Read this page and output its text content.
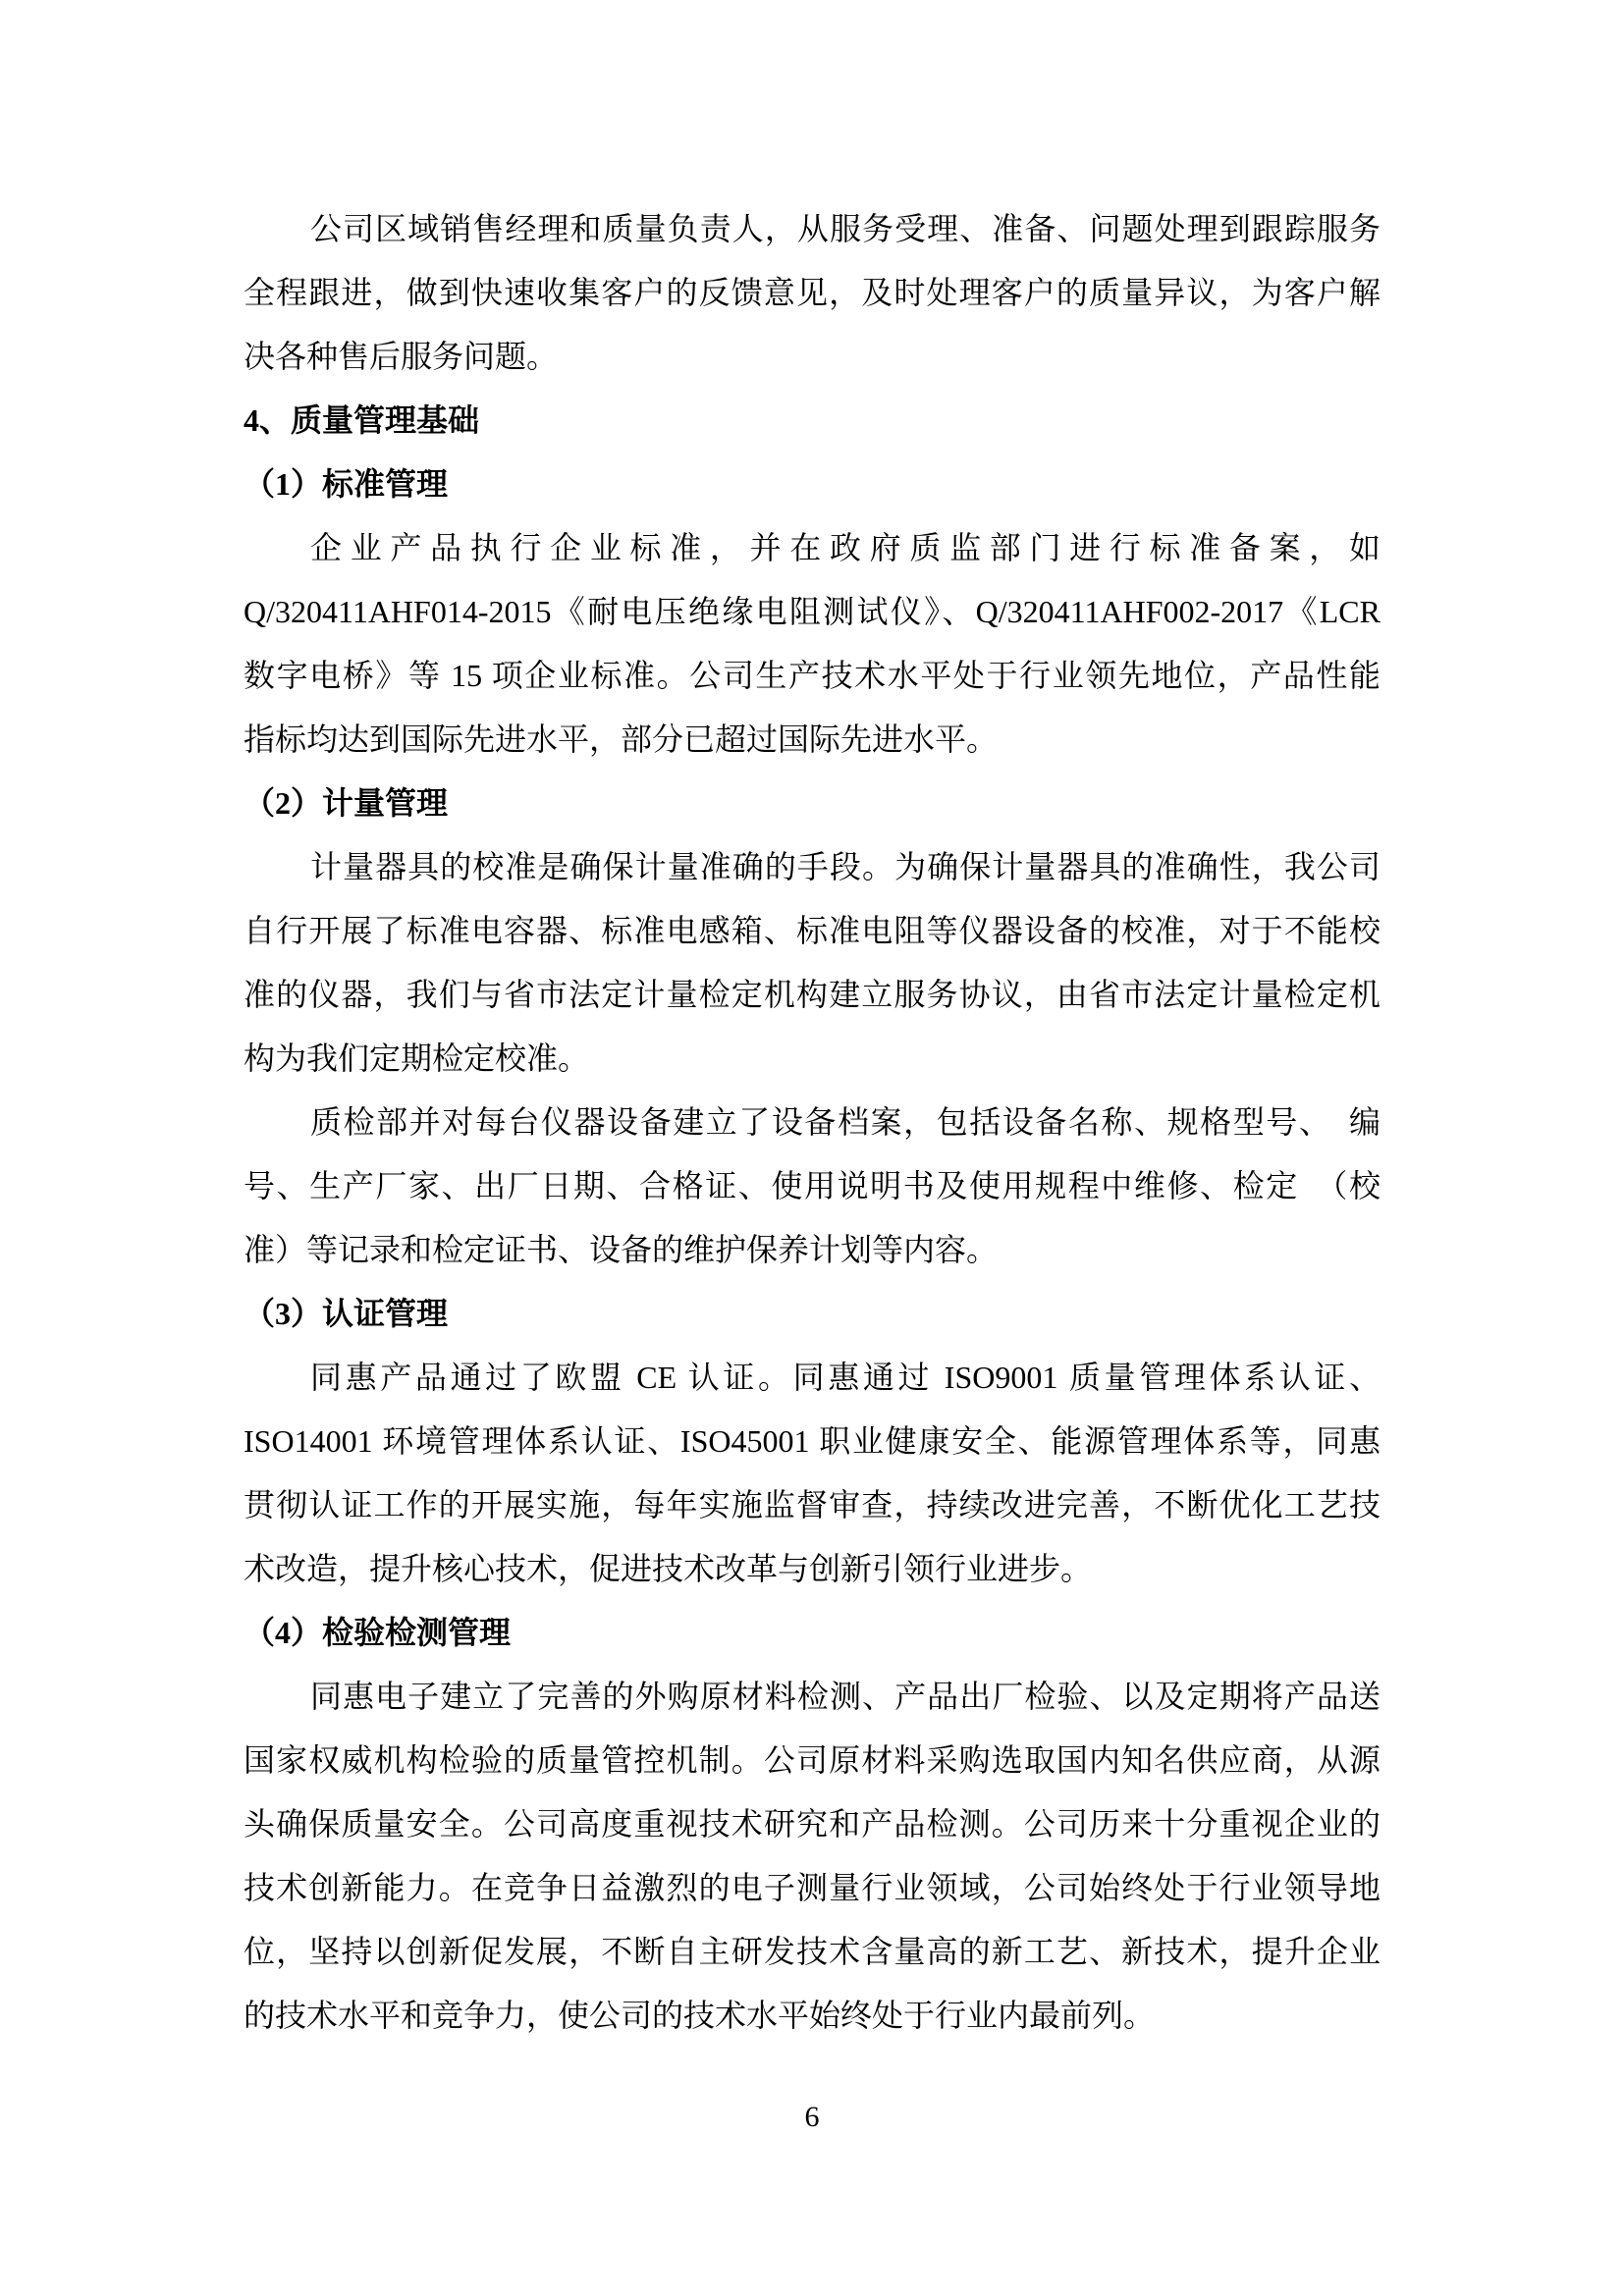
公司区域销售经理和质量负责人，从服务受理、准备、问题处理到跟踪服务
全程跟进，做到快速收集客户的反馈意见，及时处理客户的质量异议，为客户解
决各种售后服务问题。
4、质量管理基础
（1）标准管理
企业产品执行企业标准，并在政府质监部门进行标准备案，如
Q/320411AHF014-2015《耐电压绝缘电阻测试仪》、Q/320411AHF002-2017《LCR
数字电桥》等 15 项企业标准。公司生产技术水平处于行业领先地位，产品性能
指标均达到国际先进水平，部分已超过国际先进水平。
（2）计量管理
计量器具的校准是确保计量准确的手段。为确保计量器具的准确性，我公司
自行开展了标准电容器、标准电感箱、标准电阻等仪器设备的校准，对于不能校
准的仪器，我们与省市法定计量检定机构建立服务协议，由省市法定计量检定机
构为我们定期检定校准。
质检部并对每台仪器设备建立了设备档案，包括设备名称、规格型号、　编
号、生产厂家、出厂日期、合格证、使用说明书及使用规程中维修、检定　（校
准）等记录和检定证书、设备的维护保养计划等内容。
（3）认证管理
同惠产品通过了欧盟 CE 认证。同惠通过 ISO9001 质量管理体系认证、
ISO14001 环境管理体系认证、ISO45001 职业健康安全、能源管理体系等，同惠
贯彻认证工作的开展实施，每年实施监督审查，持续改进完善，不断优化工艺技
术改造，提升核心技术，促进技术改革与创新引领行业进步。
（4）检验检测管理
同惠电子建立了完善的外购原材料检测、产品出厂检验、以及定期将产品送
国家权威机构检验的质量管控机制。公司原材料采购选取国内知名供应商，从源
头确保质量安全。公司高度重视技术研究和产品检测。公司历来十分重视企业的
技术创新能力。在竞争日益激烈的电子测量行业领域，公司始终处于行业领导地
位，坚持以创新促发展，不断自主研发技术含量高的新工艺、新技术，提升企业
的技术水平和竞争力，使公司的技术水平始终处于行业内最前列。
6
